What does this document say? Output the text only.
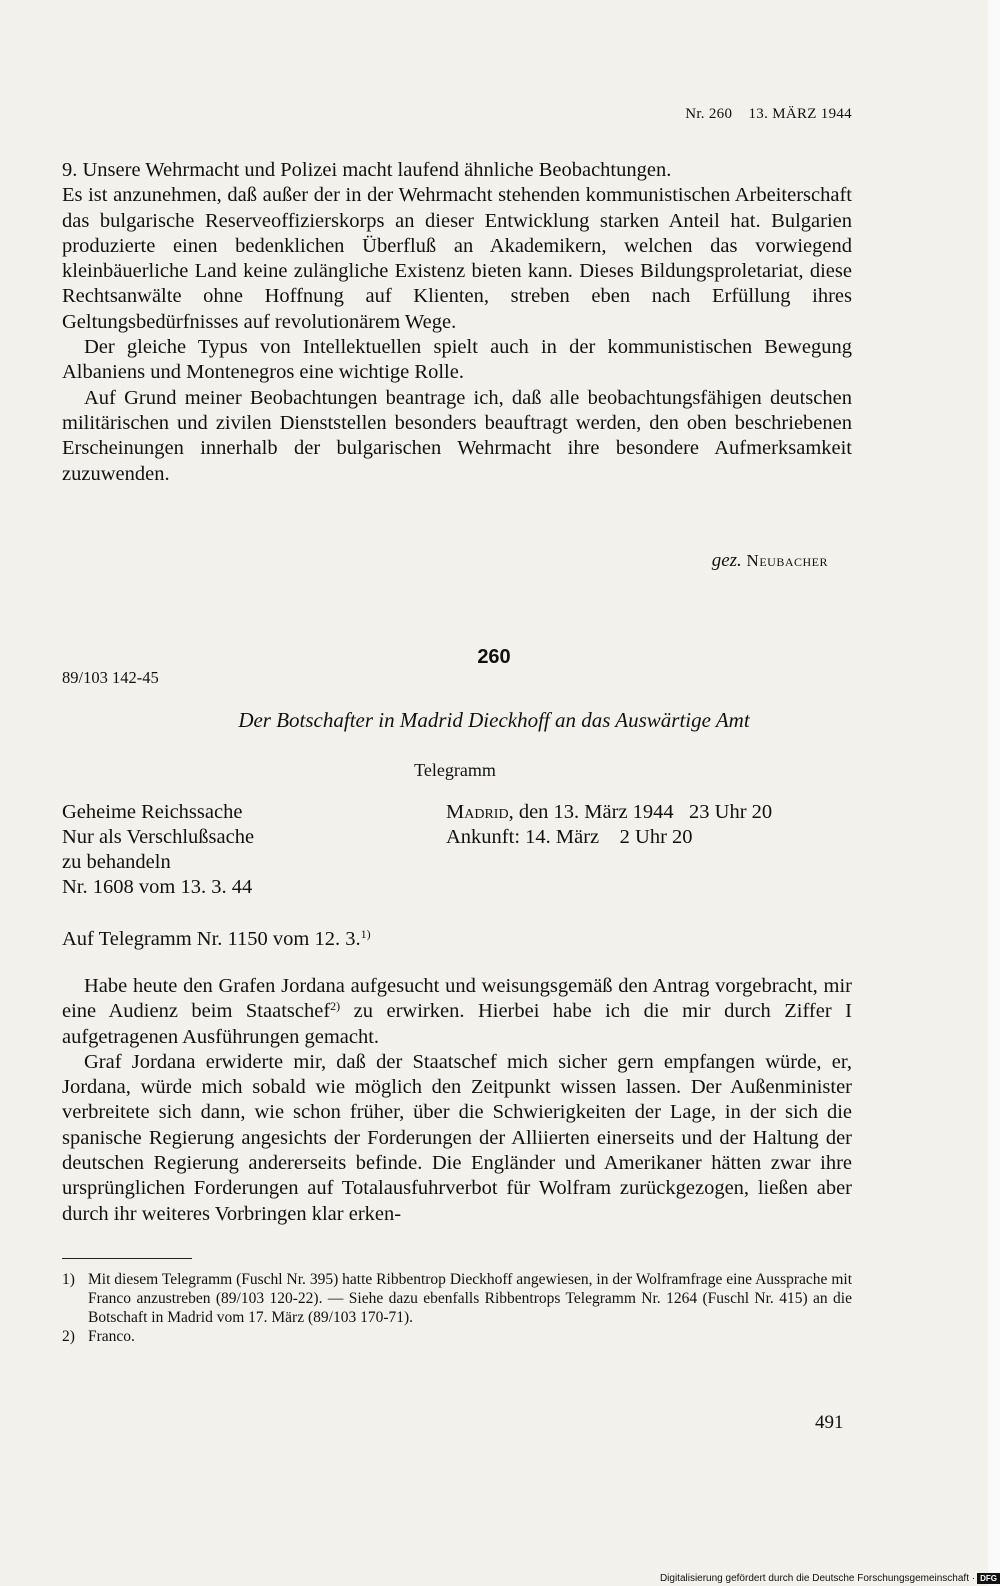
Nr. 260 13. MÄRZ 1944

9. Unsere Wehrmacht und Polizei macht laufend ähnliche Beobachtungen.

Es ist anzunehmen, daß außer der in der Wehrmacht stehenden kommunistischen Arbeiterschaft das bulgarische Reserveoffizierskorps an dieser Entwicklung starken Anteil hat. Bulgarien produzierte einen bedenklichen Überfluß an Akademikern, welchen das vorwiegend kleinbäuerliche Land keine zulängliche Existenz bieten kann. Dieses Bildungsproletariat, diese Rechtsanwälte ohne Hoffnung auf Klienten, streben eben nach Erfüllung ihres Geltungsbedürfnisses auf revolutionärem Wege.

Der gleiche Typus von Intellektuellen spielt auch in der kommunistischen Bewegung Albaniens und Montenegros eine wichtige Rolle.

Auf Grund meiner Beobachtungen beantrage ich, daß alle beobachtungsfähigen deutschen militärischen und zivilen Dienststellen besonders beauftragt werden, den oben beschriebenen Erscheinungen innerhalb der bulgarischen Wehrmacht ihre besondere Aufmerksamkeit zuzuwenden.

gez. Neubacher
260
89/103 142-45
Der Botschafter in Madrid Dieckhoff an das Auswärtige Amt
Telegramm
Geheime Reichssache
Nur als Verschlußsache
zu behandeln
Nr. 1608 vom 13. 3. 44
Madrid, den 13. März 1944 23 Uhr 20
Ankunft: 14. März 2 Uhr 20
Auf Telegramm Nr. 1150 vom 12. 3.$^{1)}$

Habe heute den Grafen Jordana aufgesucht und weisungsgemäß den Antrag vorgebracht, mir eine Audienz beim Staatschef$^{2)}$ zu erwirken. Hierbei habe ich die mir durch Ziffer I aufgetragenen Ausführungen gemacht.

Graf Jordana erwiderte mir, daß der Staatschef mich sicher gern empfangen würde, er, Jordana, würde mich sobald wie möglich den Zeitpunkt wissen lassen. Der Außenminister verbreitete sich dann, wie schon früher, über die Schwierigkeiten der Lage, in der sich die spanische Regierung angesichts der Forderungen der Alliierten einerseits und der Haltung der deutschen Regierung andererseits befinde. Die Engländer und Amerikaner hätten zwar ihre ursprünglichen Forderungen auf Totalausfuhrverbot für Wolfram zurückgezogen, ließen aber durch ihr weiteres Vorbringen klar erken-

1) Mit diesem Telegramm (Fuschl Nr. 395) hatte Ribbentrop Dieckhoff angewiesen, in der Wolframfrage eine Aussprache mit Franco anzustreben (89/103 120-22). — Siehe dazu ebenfalls Ribbentrops Telegramm Nr. 1264 (Fuschl Nr. 415) an die Botschaft in Madrid vom 17. März (89/103 170-71).
2) Franco.
491
Digitalisierung gefördert durch die Deutsche Forschungsgemeinschaft · DFG
